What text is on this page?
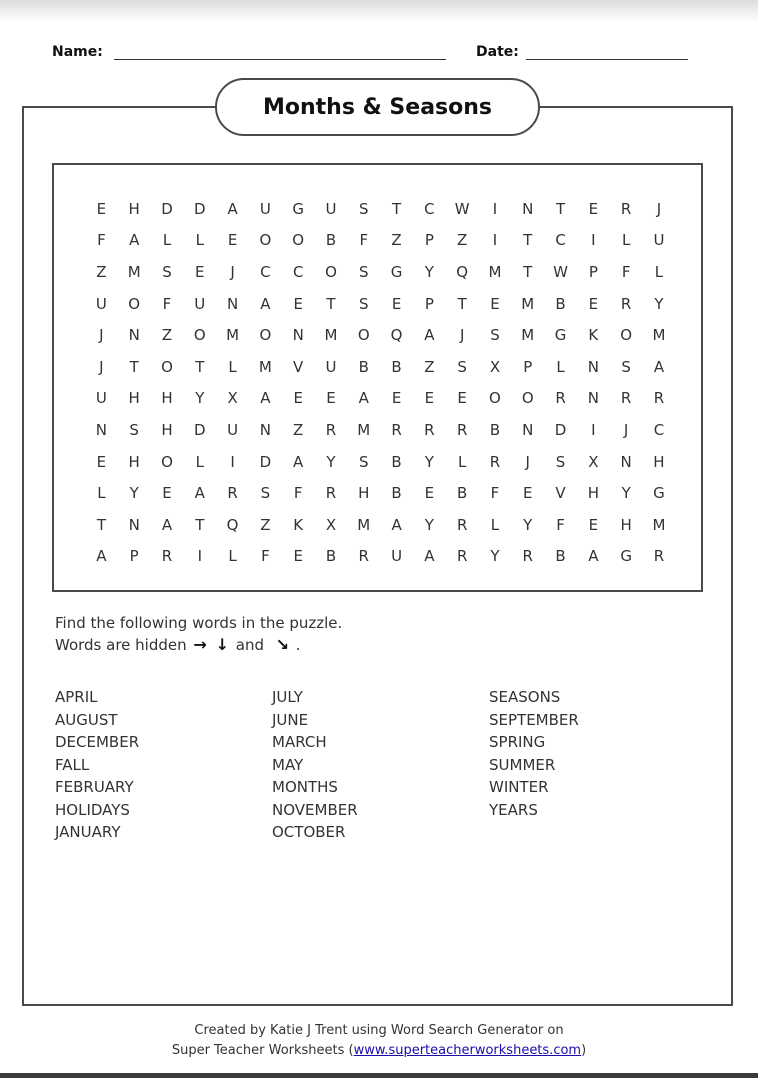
Name:	Date:
Months & Seasons
E	H	D	D	A	U	G	U	S	T	C	W	I	N	T	E	R	J
F	A	L	L	E	O	O	B	F	Z	P	Z	I	T	C	I	L	U
Z	M	S	E	J	C	C	O	S	G	Y	Q	M	T	W	P	F	L
U	O	F	U	N	A	E	T	S	E	P	T	E	M	B	E	R	Y
J	N	Z	O	M	O	N	M	O	Q	A	J	S	M	G	K	O	M
J	T	O	T	L	M	V	U	B	B	Z	S	X	P	L	N	S	A
U	H	H	Y	X	A	E	E	A	E	E	E	O	O	R	N	R	R
N	S	H	D	U	N	Z	R	M	R	R	R	B	N	D	I	J	C
E	H	O	L	I	D	A	Y	S	B	Y	L	R	J	S	X	N	H
L	Y	E	A	R	S	F	R	H	B	E	B	F	E	V	H	Y	G
T	N	A	T	Q	Z	K	X	M	A	Y	R	L	Y	F	E	H	M
A	P	R	I	L	F	E	B	R	U	A	R	Y	R	B	A	G	R
Find the following words in the puzzle.
Words are hidden → ↓ and ↘ .
APRIL
AUGUST
DECEMBER
FALL
FEBRUARY
HOLIDAYS
JANUARY
JULY
JUNE
MARCH
MAY
MONTHS
NOVEMBER
OCTOBER
SEASONS
SEPTEMBER
SPRING
SUMMER
WINTER
YEARS
Created by Katie J Trent using Word Search Generator on
Super Teacher Worksheets (www.superteacherworksheets.com)
